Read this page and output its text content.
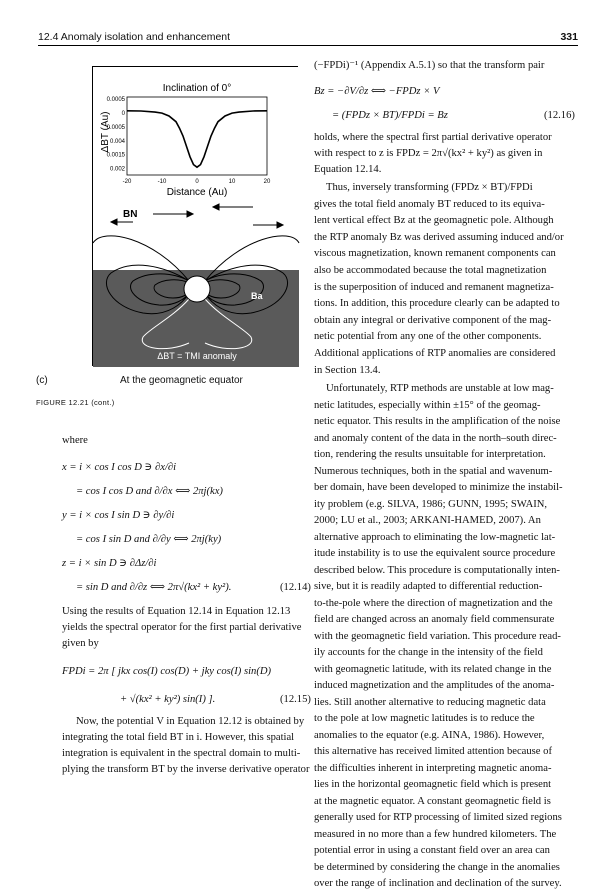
12.4 Anomaly isolation and enhancement	331
Inclination of 0°
ΔBT (Au)
0.0005
0
0.0005
0.004
0.0015
0.002
-20	-10	0	10	20
Distance (Au)
BN
Ba
ΔBT = TMI anomaly
(c)	At the geomagnetic equator
FIGURE 12.21 (cont.)
where
x = i × cos I cos D ∋ ∂x/∂i
= cos I cos D and ∂/∂x ⟺ 2πj(kx)
y = i × cos I sin D ∋ ∂y/∂i
= cos I sin D and ∂/∂y ⟺ 2πj(ky)
z = i × sin D ∋ ∂Δz/∂i
= sin D and ∂/∂z ⟺ 2π√(kx² + ky²).	(12.14)
Using the results of Equation 12.14 in Equation 12.13
yields the spectral operator for the first partial derivative
given by
FPDi = 2π [ jkx cos(I) cos(D) + jky cos(I) sin(D)
+ √(kx² + ky²) sin(I) ].	(12.15)
Now, the potential V in Equation 12.12 is obtained by
integrating the total field BT in i. However, this spatial
integration is equivalent in the spectral domain to multi-
plying the transform BT by the inverse derivative operator
(−FPDi)⁻¹ (Appendix A.5.1) so that the transform pair
Bz = −∂V/∂z ⟺ −FPDz × V
= (FPDz × BT)/FPDi = Bz	(12.16)
holds, where the spectral first partial derivative operator
with respect to z is FPDz = 2π√(kx² + ky²) as given in
Equation 12.14.
Thus, inversely transforming (FPDz × BT)/FPDi
gives the total field anomaly BT reduced to its equiva-
lent vertical effect Bz at the geomagnetic pole. Although
the RTP anomaly Bz was derived assuming induced and/or
viscous magnetization, known remanent components can
also be accommodated because the total magnetization
is the superposition of induced and remanent magnetiza-
tions. In addition, this procedure clearly can be adapted to
obtain any integral or derivative component of the mag-
netic potential from any one of the other components.
Additional applications of RTP anomalies are considered
in Section 13.4.
Unfortunately, RTP methods are unstable at low mag-
netic latitudes, especially within ±15° of the geomag-
netic equator. This results in the amplification of the noise
and anomaly content of the data in the north–south direc-
tion, rendering the results unsuitable for interpretation.
Numerous techniques, both in the spatial and wavenum-
ber domain, have been developed to minimize the instabil-
ity problem (e.g. SILVA, 1986; GUNN, 1995; SWAIN,
2000; LU et al., 2003; ARKANI-HAMED, 2007). An
alternative approach to eliminating the low-magnetic lat-
itude instability is to use the equivalent source procedure
described below. This procedure is computationally inten-
sive, but it is readily adapted to differential reduction-
to-the-pole where the direction of magnetization and the
field are changed across an anomaly field commensurate
with the geomagnetic field variation. This procedure read-
ily accounts for the change in the intensity of the field
with geomagnetic latitude, with its related change in the
induced magnetization and the amplitudes of the anoma-
lies. Still another alternative to reducing magnetic data
to the pole at low magnetic latitudes is to reduce the
anomalies to the equator (e.g. AINA, 1986). However,
this alternative has received limited attention because of
the difficulties inherent in interpreting magnetic anoma-
lies in the horizontal geomagnetic field which is present
at the magnetic equator. A constant geomagnetic field is
generally used for RTP processing of limited sized regions
measured in no more than a few hundred kilometers. The
potential error in using a constant field over an area can
be determined by considering the change in the anomalies
over the range of inclination and declination of the survey.
